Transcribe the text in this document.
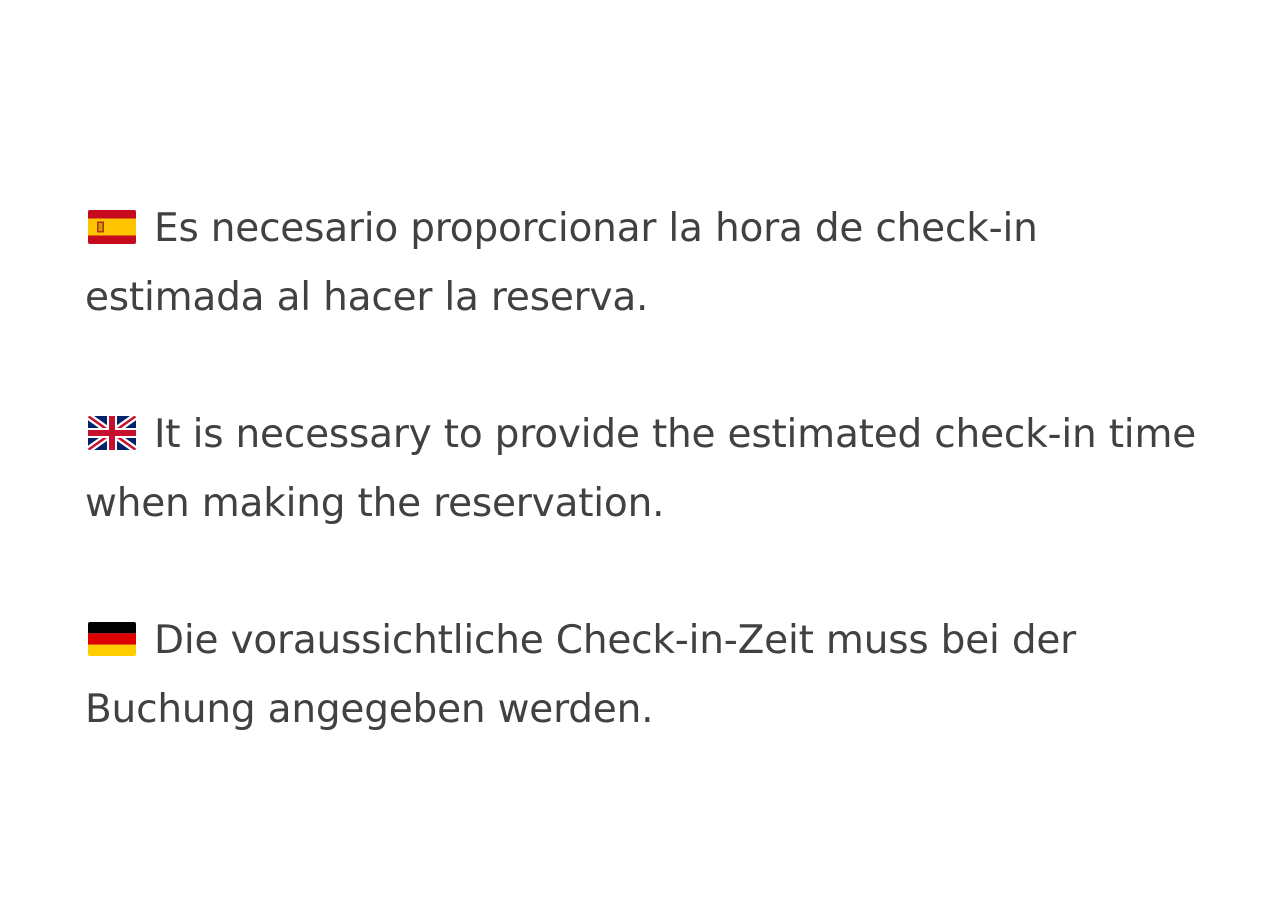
Es necesario proporcionar la hora de check-in estimada al hacer la reserva.

It is necessary to provide the estimated check-in time when making the reservation.

Die voraussichtliche Check-in-Zeit muss bei der Buchung angegeben werden.
